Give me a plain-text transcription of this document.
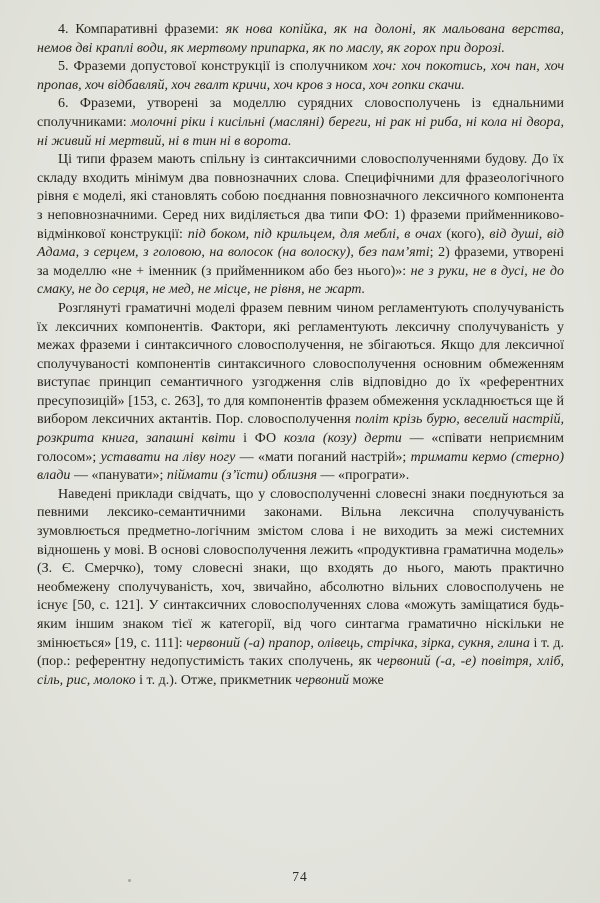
4. Компаративні фраземи: як нова копійка, як на долоні, як мальована верства, немов дві краплі води, як мертвому припарка, як по маслу, як горох при дорозі.

5. Фраземи допустової конструкції із сполучником хоч: хоч покотись, хоч пан, хоч пропав, хоч відбавляй, хоч гвалт кричи, хоч кров з носа, хоч гопки скачи.

6. Фраземи, утворені за моделлю сурядних словосполучень із єднальними сполучниками: молочні ріки і кисільні (масляні) береги, ні рак ні риба, ні кола ні двора, ні живий ні мертвий, ні в тин ні в ворота.

Ці типи фразем мають спільну із синтаксичними словосполученнями будову. До їх складу входить мінімум два повнозначних слова. Специфічними для фразеологічного рівня є моделі, які становлять собою поєднання повнозначного лексичного компонента з неповнозначними. Серед них виділяється два типи ФО: 1) фраземи прийменниково-відмінкової конструкції: під боком, під крильцем, для меблі, в очах (кого), від душі, від Адама, з серцем, з головою, на волосок (на волоску), без пам’яті; 2) фраземи, утворені за моделлю «не + іменник (з прийменником або без нього)»: не з руки, не в дусі, не до смаку, не до серця, не мед, не місце, не рівня, не жарт.

Розглянуті граматичні моделі фразем певним чином регламентують сполучуваність їх лексичних компонентів. Фактори, які регламентують лексичну сполучуваність у межах фраземи і синтаксичного словосполучення, не збігаються. Якщо для лексичної сполучуваності компонентів синтаксичного словосполучення основним обмеженням виступає принцип семантичного узгодження слів відповідно до їх «референтних пресупозицій» [153, с. 263], то для компонентів фразем обмеження ускладнюється ще й вибором лексичних актантів. Пор. словосполучення політ крізь бурю, веселий настрій, розкрита книга, запашні квіти і ФО козла (козу) дерти — «співати неприємним голосом»; уставати на ліву ногу — «мати поганий настрій»; тримати кермо (стерно) влади — «панувати»; піймати (з’їсти) облизня — «програти».

Наведені приклади свідчать, що у словосполученні словесні знаки поєднуються за певними лексико-семантичними законами. Вільна лексична сполучуваність зумовлюється предметно-логічним змістом слова і не виходить за межі системних відношень у мові. В основі словосполучення лежить «продуктивна граматична модель» (З. Є. Смерчко), тому словесні знаки, що входять до нього, мають практично необмежену сполучуваність, хоч, звичайно, абсолютно вільних словосполучень не існує [50, с. 121]. У синтаксичних словосполученнях слова «можуть заміщатися будь-яким іншим знаком тієї ж категорії, від чого синтагма граматично ніскільки не змінюється» [19, с. 111]: червоний (-а) прапор, олівець, стрічка, зірка, сукня, глина і т. д. (пор.: референтну недопустимість таких сполучень, як червоний (-а, -е) повітря, хліб, сіль, рис, молоко і т. д.). Отже, прикметник червоний може

74
